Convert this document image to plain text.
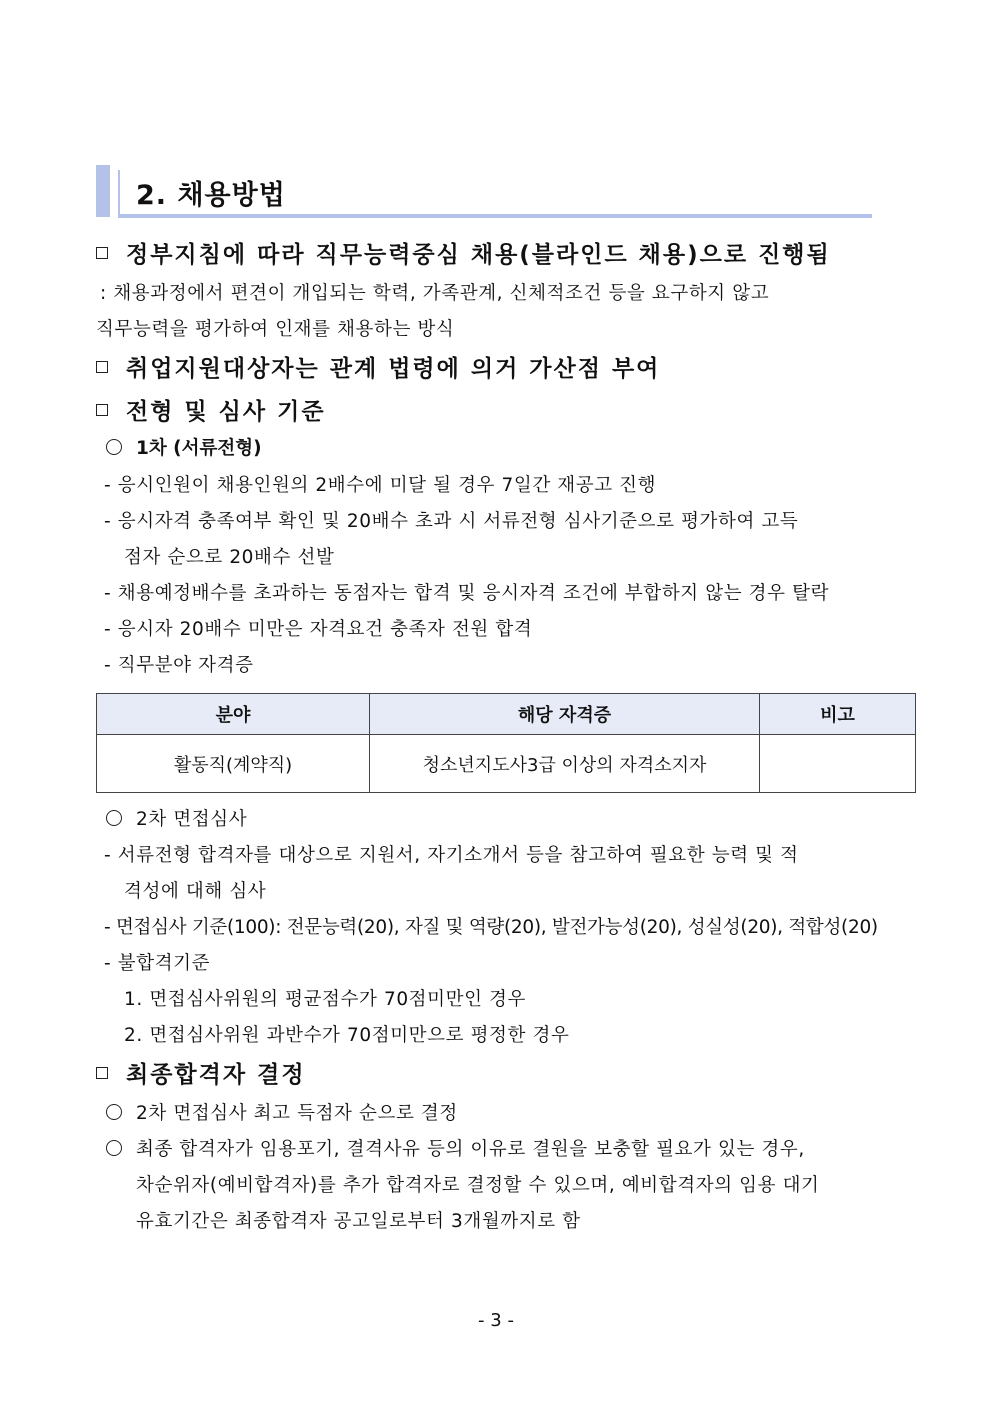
2. 채용방법
정부지침에 따라 직무능력중심 채용(블라인드 채용)으로 진행됨
: 채용과정에서 편견이 개입되는 학력, 가족관계, 신체적조건 등을 요구하지 않고
직무능력을 평가하여 인재를 채용하는 방식
취업지원대상자는 관계 법령에 의거 가산점 부여
전형 및 심사 기준
1차 (서류전형)
- 응시인원이 채용인원의 2배수에 미달 될 경우 7일간 재공고 진행
- 응시자격 충족여부 확인 및 20배수 초과 시 서류전형 심사기준으로 평가하여 고득
점자 순으로 20배수 선발
- 채용예정배수를 초과하는 동점자는 합격 및 응시자격 조건에 부합하지 않는 경우 탈락
- 응시자 20배수 미만은 자격요건 충족자 전원 합격
- 직무분야 자격증
분야	해당 자격증	비고
활동직(계약직)	청소년지도사3급 이상의 자격소지자	
2차 면접심사
- 서류전형 합격자를 대상으로 지원서, 자기소개서 등을 참고하여 필요한 능력 및 적
격성에 대해 심사
- 면접심사 기준(100): 전문능력(20), 자질 및 역량(20), 발전가능성(20), 성실성(20), 적합성(20)
- 불합격기준
1. 면접심사위원의 평균점수가 70점미만인 경우
2. 면접심사위원 과반수가 70점미만으로 평정한 경우
최종합격자 결정
2차 면접심사 최고 득점자 순으로 결정
최종 합격자가 임용포기, 결격사유 등의 이유로 결원을 보충할 필요가 있는 경우,
차순위자(예비합격자)를 추가 합격자로 결정할 수 있으며, 예비합격자의 임용 대기
유효기간은 최종합격자 공고일로부터 3개월까지로 함
- 3 -
